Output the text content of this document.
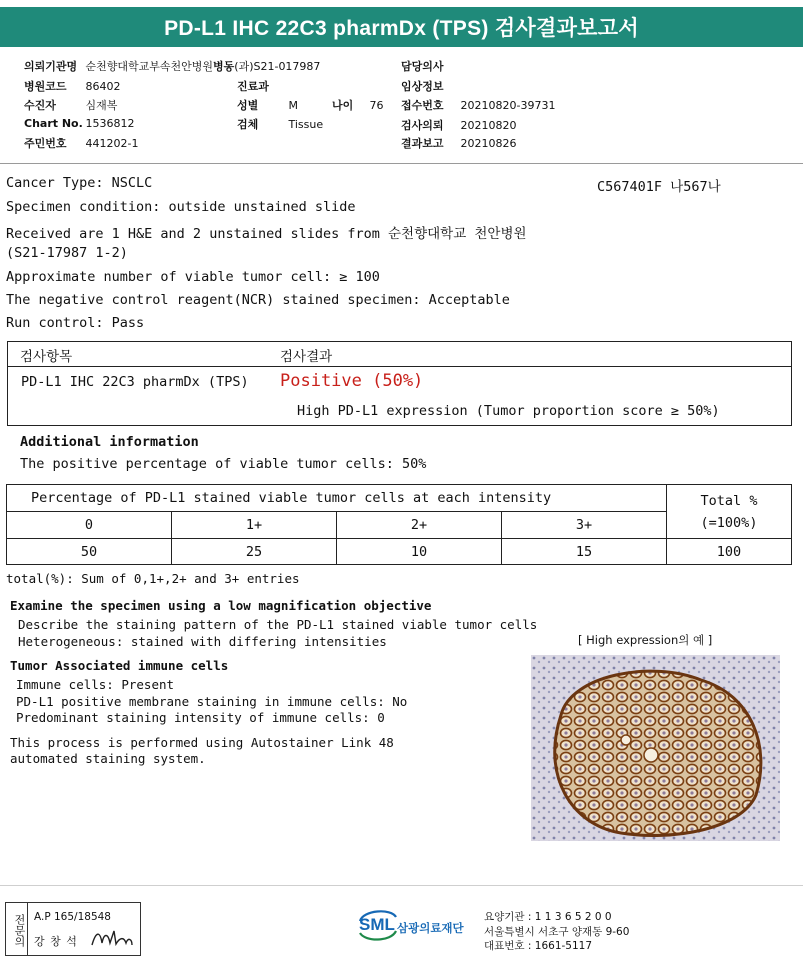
PD-L1 IHC 22C3 pharmDx (TPS) 검사결과보고서
의뢰기관명 순천향대학교부속천안병원병동(과)S21-017987
병원코드 86402
수진자	심재복
Chart No. 1536812
주민번호 441202-1
진료과
성별	M	나이 76
검체	Tissue
담당의사
임상정보
접수번호 20210820-39731
검사의뢰 20210820
결과보고 20210826
Cancer Type: NSCLC	C567401F 나567나
Specimen condition: outside unstained slide
Received are 1 H&E and 2 unstained slides from 순천향대학교 천안병원
(S21-17987 1-2)
Approximate number of viable tumor cell: ≥ 100
The negative control reagent(NCR) stained specimen: Acceptable
Run control: Pass
검사항목	검사결과
PD-L1 IHC 22C3 pharmDx (TPS) Positive (50%)
High PD-L1 expression (Tumor proportion score ≥ 50%)
Additional information
The positive percentage of viable tumor cells: 50%
Percentage of PD-L1 stained viable tumor cells at each intensity				Total %
(=100%)

0	1+	2+	3+	
50	25	10	15	100
total(%): Sum of 0,1+,2+ and 3+ entries
Examine the specimen using a low magnification objective
Describe the staining pattern of the PD-L1 stained viable tumor cells
Heterogeneous: stained with differing intensities	[ High expression의 예 ]
Tumor Associated immune cells
Immune cells: Present
PD-L1 positive membrane staining in immune cells: No
Predominant staining intensity of immune cells: 0
This process is performed using Autostainer Link 48
automated staining system.
전문의 A.P 165/18548
강 창 석
SML 삼광의료재단
요양기관 : 1 1 3 6 5 2 0 0
서울특별시 서초구 양재동 9-60
대표번호 : 1661-5117
